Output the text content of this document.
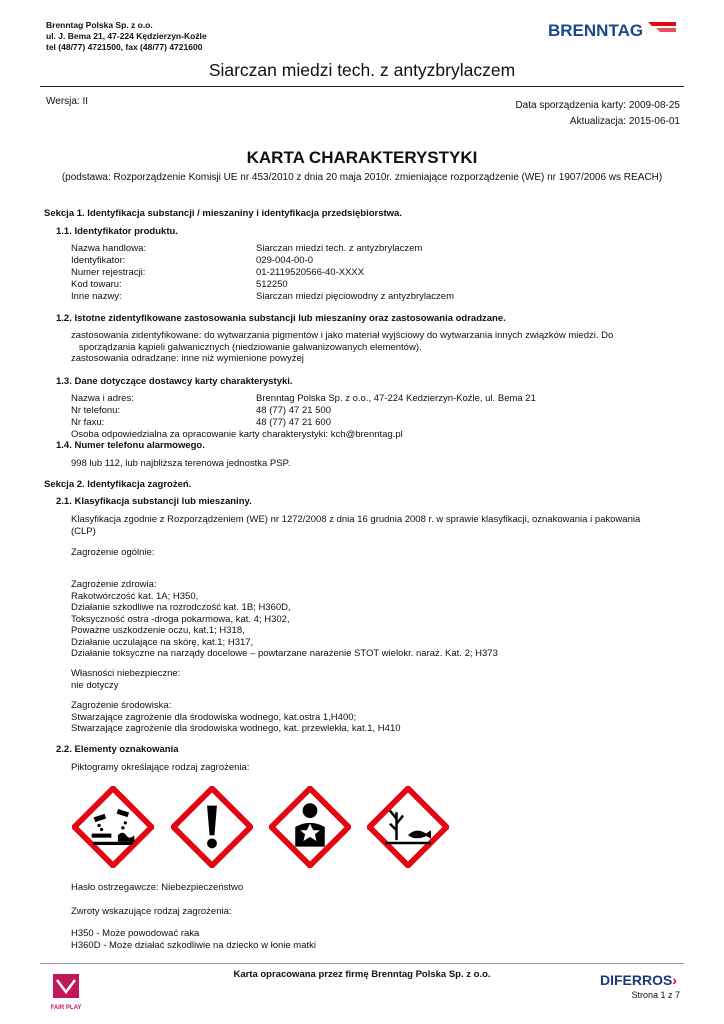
Brenntag Polska Sp. z o.o.
ul. J. Bema 21, 47-224 Kędzierzyn-Koźle
tel (48/77) 4721500, fax (48/77) 4721600
BRENNTAG
Siarczan miedzi tech. z antyzbrylaczem
Wersja: II	Data sporządzenia karty: 2009-08-25
Aktualizacja: 2015-06-01
KARTA CHARAKTERYSTYKI
(podstawa: Rozporządzenie Komisji UE nr 453/2010 z dnia 20 maja 2010r. zmieniające rozporządzenie (WE) nr 1907/2006 ws REACH)
Sekcja 1. Identyfikacja substancji / mieszaniny i identyfikacja przedsiębiorstwa.
1.1. Identyfikator produktu.
Nazwa handlowa:	Siarczan miedzi tech. z antyzbrylaczem
Identyfikator:	029-004-00-0
Numer rejestracji:	01-2119520566-40-XXXX
Kod towaru:	512250
Inne nazwy:	Siarczan miedzi pięciowodny z antyzbrylaczem
1.2. Istotne zidentyfikowane zastosowania substancji lub mieszaniny oraz zastosowania odradzane.
zastosowania zidentyfikowane: do wytwarzania pigmentów i jako materiał wyjściowy do wytwarzania innych związków miedzi. Do
sporządzania kąpieli galwanicznych (niedziowanie galwanizowanych elementów).
zastosowania odradzane: inne niż wymienione powyżej
1.3. Dane dotyczące dostawcy karty charakterystyki.
Nazwa i adres:	Brenntag Polska Sp. z o.o., 47-224 Kedzierzyn-Koźle, ul. Bema 21
Nr telefonu:	48 (77) 47 21 500
Nr faxu:	48 (77) 47 21 600
Osoba odpowiedzialna za opracowanie karty charakterystyki: kch@brenntag.pl
1.4. Numer telefonu alarmowego.
998 lub 112, lub najbliższa terenowa jednostka PSP.
Sekcja 2. Identyfikacja zagrożeń.
2.1. Klasyfikacja substancji lub mieszaniny.
Klasyfikacja zgodnie z Rozporządzeniem (WE) nr 1272/2008 z dnia 16 grudnia 2008 r. w sprawie klasyfikacji, oznakowania i pakowania
(CLP)
Zagrożenie ogólnie:
Zagrożenie zdrowia:
Rakotwórczość kat. 1A; H350,
Działanie szkodliwe na rozrodczość kat. 1B; H360D,
Toksyczność ostra -droga pokarmowa, kat. 4; H302,
Poważne uszkodzenie oczu, kat.1; H318,
Działanie uczulające na skórę, kat.1; H317,
Działanie toksyczne na narządy docelowe – powtarzane narażenie STOT wielokr. naraż. Kat. 2; H373
Własności niebezpieczne:
nie dotyczy
Zagrożenie środowiska:
Stwarzające zagrożenie dla środowiska wodnego, kat.ostra 1,H400;
Stwarzające zagrożenie dla środowiska wodnego, kat. przewlekła, kat.1, H410
2.2. Elementy oznakowania
Piktogramy określające rodzaj zagrożenia:
Hasło ostrzegawcze: Niebezpieczeństwo
Zwroty wskazujące rodzaj zagrożenia:
H350 - Może powodować raka
H360D - Może działać szkodliwie na dziecko w łonie matki
FAIR PLAY
Karta opracowana przez firmę Brenntag Polska Sp. z o.o.	DIFERROS›
Strona 1 z 7
